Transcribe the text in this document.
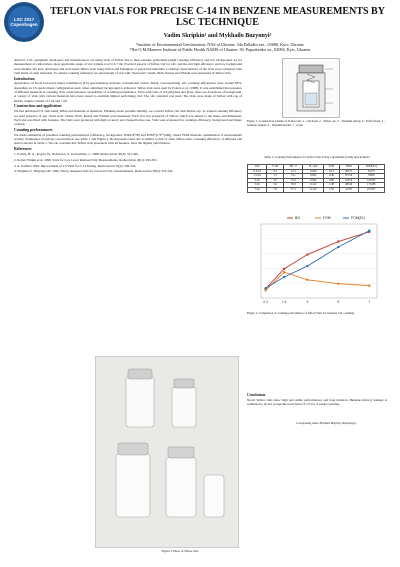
LSC 2017
Copenhagen
TEFLON VIALS FOR PRECISE C-14 IN BENZENE MEASUREMENTS BY LSC TECHNIQUE
Vadim Skripkin¹ and Mykhailo Buzynnyi²
¹Institute of Environmental Geochemistry NAS of Ukraine, 34a Palladin ave., 03680, Kyiv, Ukraine
²The O.M.Marzeev Institute of Public Health NAMS of Ukraine, 50, Popudrenko str., 02094, Kyiv, Ukraine

Abstract. LSC equipment developers and manufacturers are using vials of Teflon due to their extreme performance-high counting efficiency and low background. As for measurement of radiocarbon, most applicable range of vial volume is of 0.3-7 ml. Practical aspects of Teflon vial for 14C and Rn-222 high efficiency and low background were studied. We have developed and well tested Teflon vials using Teflon and Plexiglass or polyacetal materials. Counting characteristics of the vials were compared with vials made of other materials. To extend counting efficiency we used design of vial with "dead zone" inside. Both, Radon and Tritium were measured in Teflon vials.

Introduction

Application of novel low-level liquid scintillation (LS) spectrometers includes conventional carbon dating. Corresponding 14C counting efficiencies were around 80%, depending on LS spectrometer configuration used, when optimized background is achieved. Teflon vials were used by Polach et al. (1988). It was established that presence of different materials in counting vials could introduce an inability of counting performance. Even with vials of polyethylene and glass, there are deviations of background. A variety of vials with various materials have been tested to establish highest performing vial. The 14C standard was used. The vials were made of Teflon with cap of Delrin, sample volume of 3 ml and 7 ml.

Construction and application

We had developed LS vials using Teflon and titanium as materials. Thinking about possible stability, we covered Teflon vial with Delrin cap. To extend counting efficiency we used presence of any "dead zone" inside. Both, Radon and Tritium were measured. Each vial was produced of Teflon, which was turned to the shape and dimension. Each vial was filled with benzene. The vials were produced with high accuracy and cleaned before use. Vials were evaluated for counting efficiency, background and figure of merit.

Counting performances

We made estimation of potential counting performances (efficiency, background, FOM=E²/B) and FOM²/(1+F²/(nB)), where FOM illustrate optimization of measurement activity. Estimation of activity concentration, see Table 1 and Figure 2. Background count rate is similar to that of other Teflon vials. Counting efficiency of different vial sizes is shown in Table 1. We can conclude that Teflon vials presented, with all features, have the highest performance.

References

1. Polach, H. A., Kojola, H., Robertson, S. and Kaihola, L. 1988. Radiocarbon 30(3): 331-340.

2. Robert Witkin et al. 1998. Vials for Low Level Radioactivity Measurements. Radiocarbon 40(1): 293-301.

3. A. Kaihola 1993. Improvement of LS Vials for C-14 Dating. Radiocarbon 35(2): 349-354.

4. Skripkin V., Buzynnyi M. 1996. Newly designed vials for low-level LSC measurements. Radiocarbon 38(2): 334-342.

Figure 1. Construction scheme of Teflon vial: 1 - vial itself, 2 - Teflon cap, 3 - Titanium spring, 4 - Teflon flask, 5 - benzene sample, 6 - Titanium holder, 7 - screw
Table 1. Counting Performance for Teflon Vials Using a Quantulus (1220) Spectrometer
Vial	V, ml	Eff, %	B, cpm	E²/B	FOM	FOM(E1)
0.3 ml	0.3	72.3	0.020	0.13	26137	33273
1.5 ml	1.5	74.1	0.063	0.40	87156	70985
3 ml	3.0	75.9	0.094	0.80	61279	107932
5 ml	5.0	76.8	0.122	1.38	48346	172188
7 ml	7.0	77.3	0.143	1.87	41787	227207
0.3	1.5	3	5	7
BG	FOM	FOM(E1)
Figure 2. Comparison of counting performance of Teflon Vials for benzene 14C counting
Figure 3. Photo of Teflon vials
Conclusion.
Novel Teflon vials show high and stable performances and long duration. Benzene (micro) leakage is estimated to be not acceptable level below 0.1% for 4 weeks counting.
Corresponding author: Mykhailo Buzynnyi, mbuzynny@...
